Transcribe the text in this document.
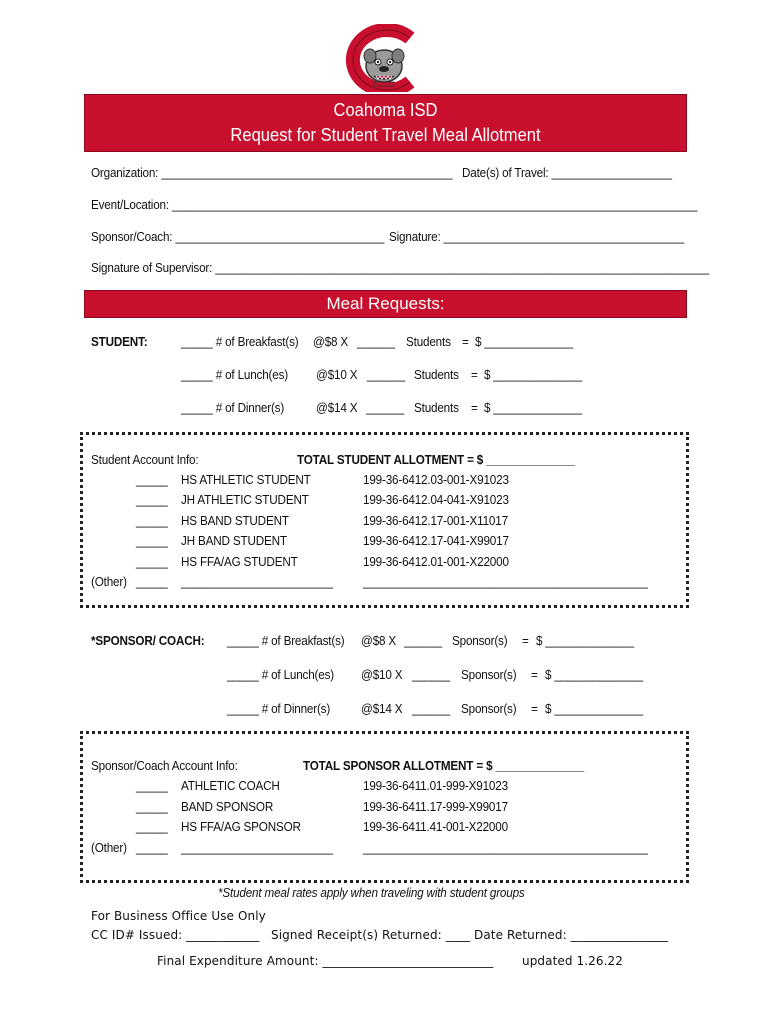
Coahoma ISD
Request for Student Travel Meal Allotment
Organization: ______________________________________________ Date(s) of Travel: ___________________
Event/Location: ___________________________________________________________________________________
Sponsor/Coach: _________________________________ Signature: ______________________________________
Signature of Supervisor: ______________________________________________________________________________
Meal Requests:
STUDENT:	_____ # of Breakfast(s) @$8 X ______ Students = $ ______________
_____ # of Lunch(es) @$10 X ______ Students = $ ______________
_____ # of Dinner(s) @$14 X ______ Students = $ ______________
Student Account Info:	TOTAL STUDENT ALLOTMENT = $ ______________
_____ HS ATHLETIC STUDENT	199-36-6412.03-001-X91023
_____ JH ATHLETIC STUDENT	199-36-6412.04-041-X91023
_____ HS BAND STUDENT	199-36-6412.17-001-X11017
_____ JH BAND STUDENT	199-36-6412.17-041-X99017
_____ HS FFA/AG STUDENT	199-36-6412.01-001-X22000
(Other) _____ ________________________ _____________________________________________
*SPONSOR/ COACH: _____ # of Breakfast(s) @$8 X ______ Sponsor(s) = $ ______________
_____ # of Lunch(es) @$10 X ______ Sponsor(s) = $ ______________
_____ # of Dinner(s) @$14 X ______ Sponsor(s) = $ ______________
Sponsor/Coach Account Info:	TOTAL SPONSOR ALLOTMENT = $ ______________
_____ ATHLETIC COACH	199-36-6411.01-999-X91023
_____ BAND SPONSOR	199-36-6411.17-999-X99017
_____ HS FFA/AG SPONSOR	199-36-6411.41-001-X22000
(Other) _____ ________________________ _____________________________________________
*Student meal rates apply when traveling with student groups
For Business Office Use Only
CC ID# Issued: ____________ Signed Receipt(s) Returned: ____ Date Returned: ________________
Final Expenditure Amount: ____________________________ updated 1.26.22
